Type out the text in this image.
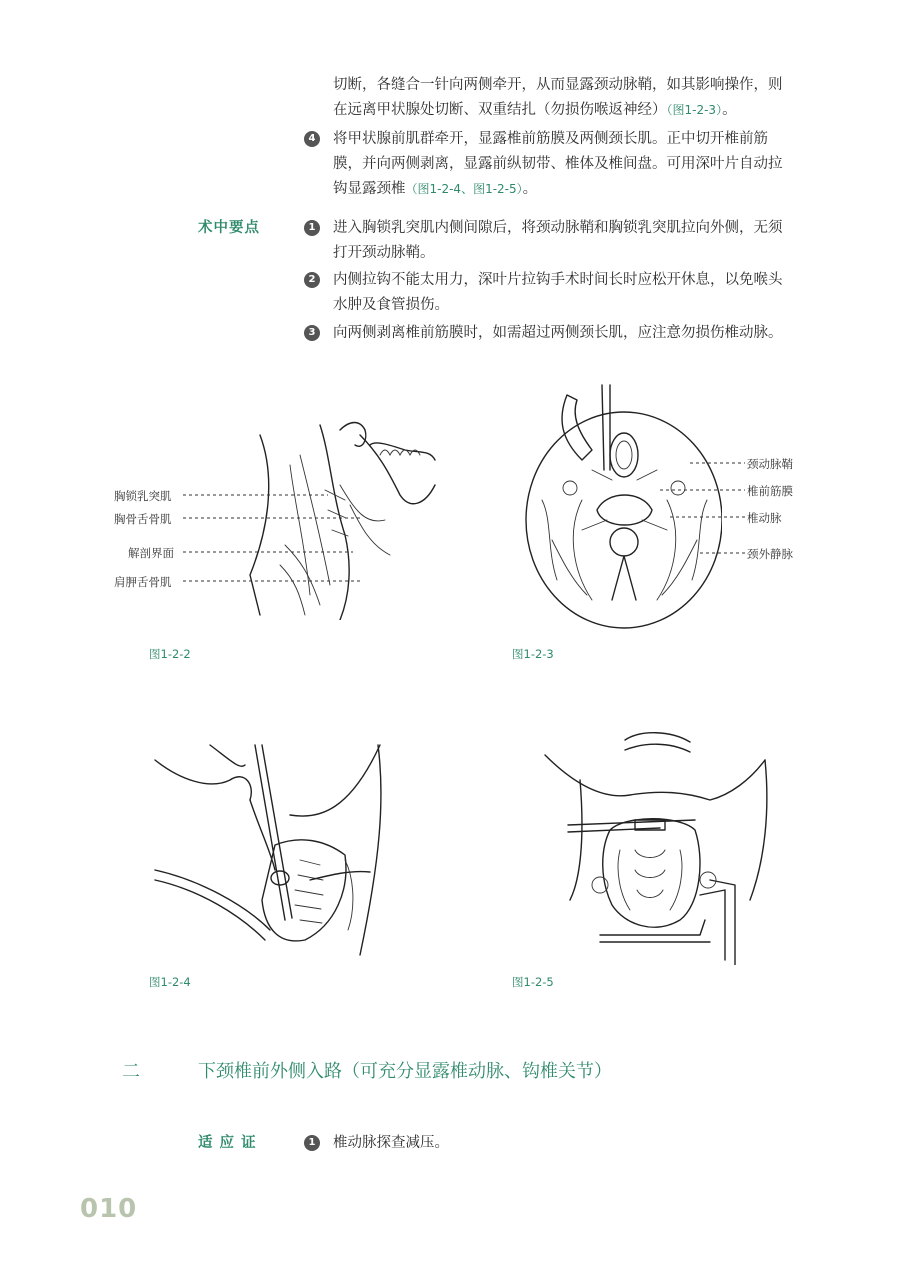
切断，各缝合一针向两侧牵开，从而显露颈动脉鞘，如其影响操作，则
在远离甲状腺处切断、双重结扎（勿损伤喉返神经）（图1-2-3）。
4	将甲状腺前肌群牵开，显露椎前筋膜及两侧颈长肌。正中切开椎前筋
膜，并向两侧剥离，显露前纵韧带、椎体及椎间盘。可用深叶片自动拉
钩显露颈椎（图1-2-4、图1-2-5）。
术中要点	1	进入胸锁乳突肌内侧间隙后，将颈动脉鞘和胸锁乳突肌拉向外侧，无须
打开颈动脉鞘。
2	内侧拉钩不能太用力，深叶片拉钩手术时间长时应松开休息，以免喉头
水肿及食管损伤。
3	向两侧剥离椎前筋膜时，如需超过两侧颈长肌，应注意勿损伤椎动脉。
胸锁乳突肌
胸骨舌骨肌
解剖界面
肩胛舌骨肌
图1-2-2
颈动脉鞘
椎前筋膜
椎动脉
颈外静脉
图1-2-3
图1-2-4	图1-2-5
二	下颈椎前外侧入路（可充分显露椎动脉、钩椎关节）
适 应 证	1	椎动脉探查减压。
010
